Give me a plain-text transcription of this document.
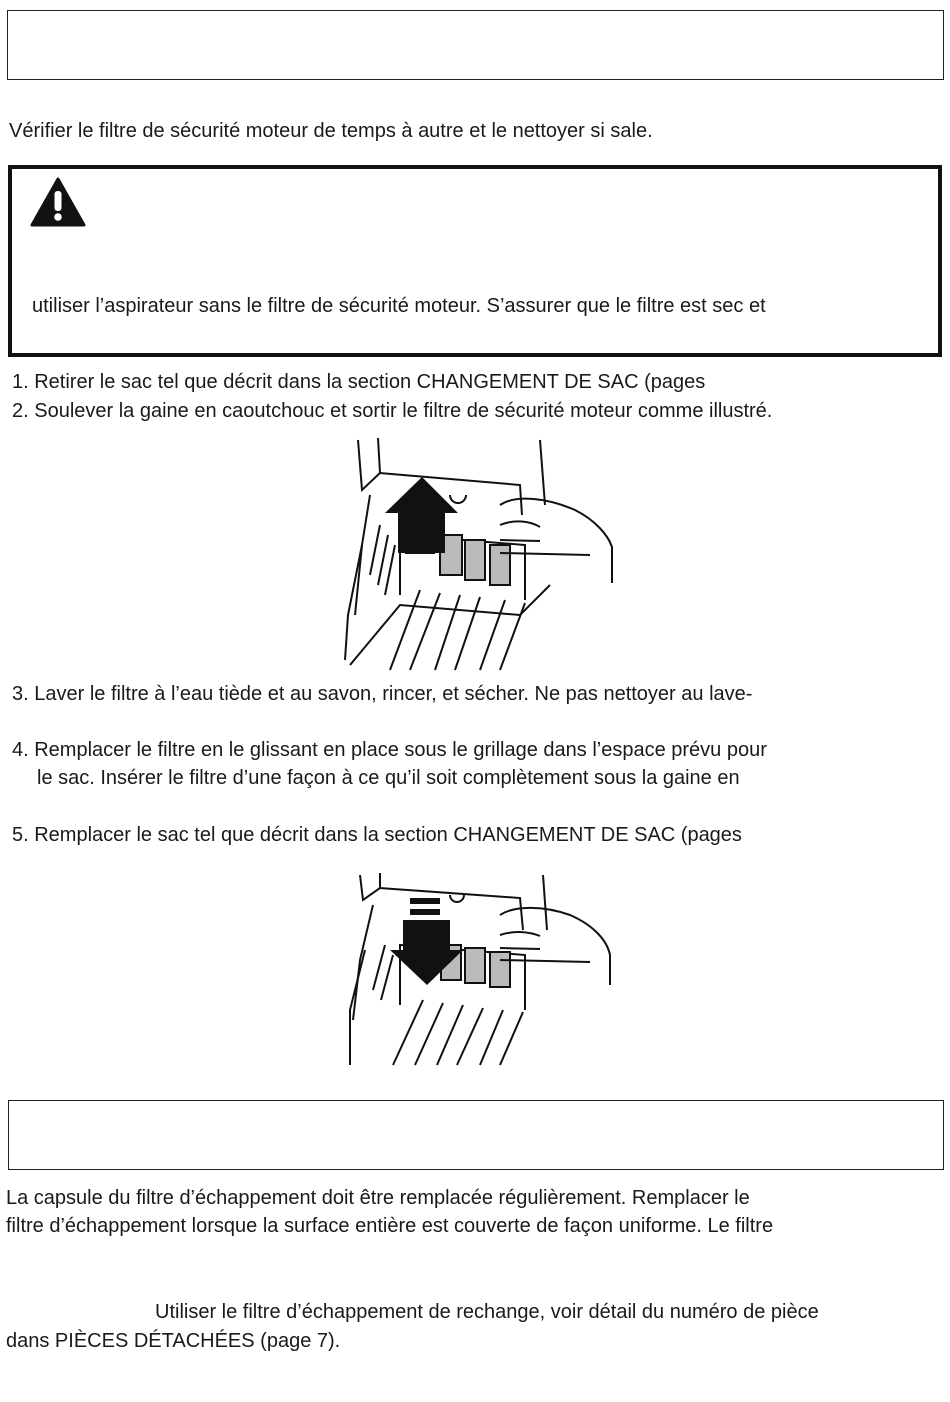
Vérifier le filtre de sécurité moteur de temps à autre et le nettoyer si sale.
utiliser l’aspirateur sans le filtre de sécurité moteur. S’assurer que le filtre est sec et
1. Retirer le sac tel que décrit dans la section CHANGEMENT DE SAC (pages
2. Soulever la gaine en caoutchouc et sortir le filtre de sécurité moteur comme illustré.
3. Laver le filtre à l’eau tiède et au savon, rincer, et sécher. Ne pas nettoyer au lave-
4. Remplacer le filtre en le glissant en place sous le grillage dans l’espace prévu pour
le sac. Insérer le filtre d’une façon à ce qu’il soit complètement sous la gaine en
5. Remplacer le sac tel que décrit dans la section CHANGEMENT DE SAC (pages
La capsule du filtre d’échappement doit être remplacée régulièrement. Remplacer le
filtre d’échappement lorsque la surface entière est couverte de façon uniforme. Le filtre
Utiliser le filtre d’échappement de rechange, voir détail du numéro de pièce
dans PIÈCES DÉTACHÉES (page 7).
